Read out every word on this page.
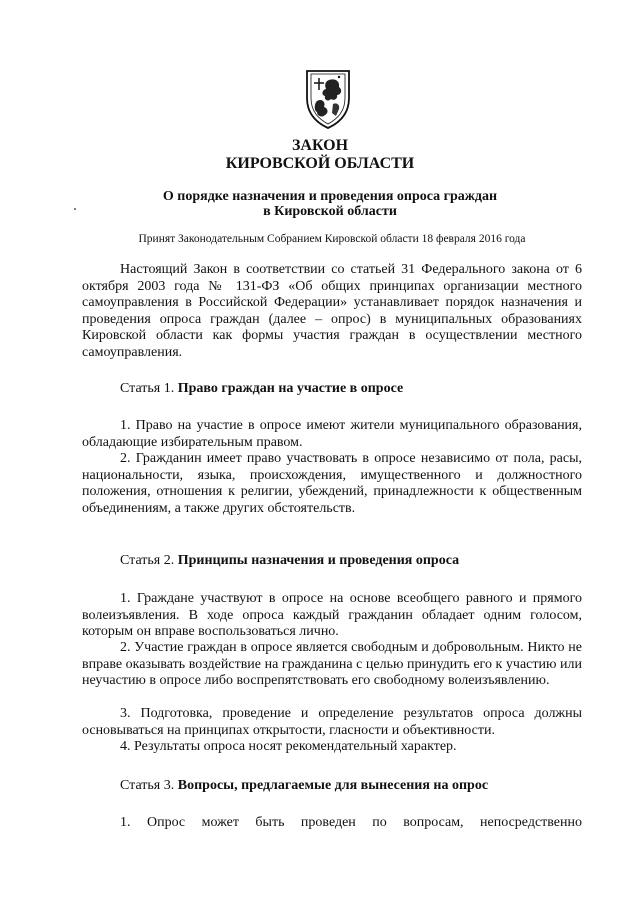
ЗАКОН
КИРОВСКОЙ ОБЛАСТИ
О порядке назначения и проведения опроса граждан
в Кировской области
Принят Законодательным Собранием Кировской области 18 февраля 2016 года
Настоящий Закон в соответствии со статьей 31 Федерального закона от 6 октября 2003 года № 131-ФЗ «Об общих принципах организации местного самоуправления в Российской Федерации» устанавливает порядок назначения и проведения опроса граждан (далее – опрос) в муниципальных образованиях Кировской области как формы участия граждан в осуществлении местного самоуправления.
Статья 1. Право граждан на участие в опросе
1. Право на участие в опросе имеют жители муниципального образования, обладающие избирательным правом.
2. Гражданин имеет право участвовать в опросе независимо от пола, расы, национальности, языка, происхождения, имущественного и должностного положения, отношения к религии, убеждений, принадлежности к общественным объединениям, а также других обстоятельств.
Статья 2. Принципы назначения и проведения опроса
1. Граждане участвуют в опросе на основе всеобщего равного и прямого волеизъявления. В ходе опроса каждый гражданин обладает одним голосом, которым он вправе воспользоваться лично.
2. Участие граждан в опросе является свободным и добровольным. Никто не вправе оказывать воздействие на гражданина с целью принудить его к участию или неучастию в опросе либо воспрепятствовать его свободному волеизъявлению.
3. Подготовка, проведение и определение результатов опроса должны основываться на принципах открытости, гласности и объективности.
4. Результаты опроса носят рекомендательный характер.
Статья 3. Вопросы, предлагаемые для вынесения на опрос
1. Опрос может быть проведен по вопросам, непосредственно
